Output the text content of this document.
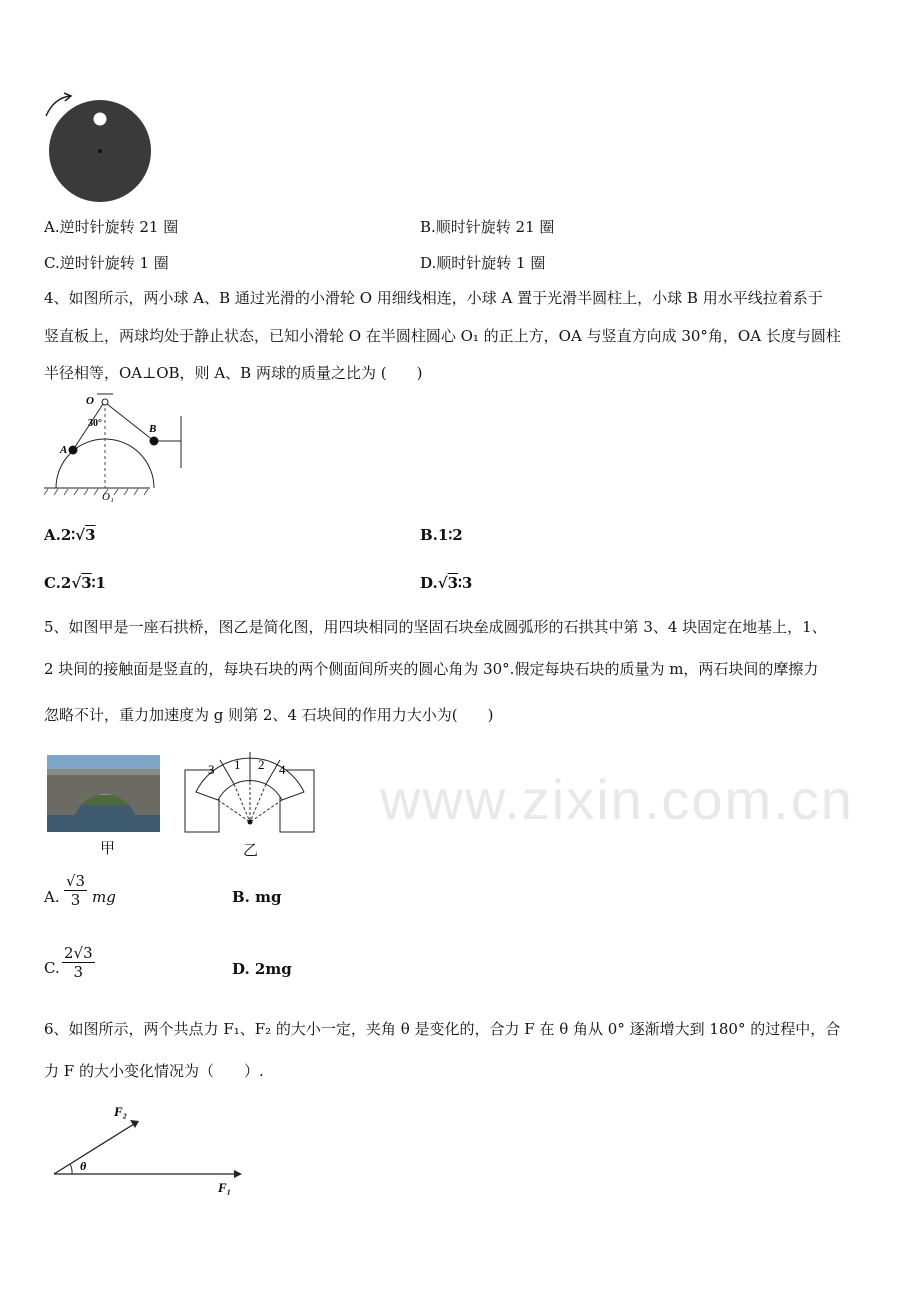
www.zixin.com.cn
A.逆时针旋转 21 圈	B.顺时针旋转 21 圈
C.逆时针旋转 1 圈	D.顺时针旋转 1 圈
4、如图所示，两小球 A、B 通过光滑的小滑轮 O 用细线相连，小球 A 置于光滑半圆柱上，小球 B 用水平线拉着系于
竖直板上，两球均处于静止状态，已知小滑轮 O 在半圆柱圆心 O₁ 的正上方，OA 与竖直方向成 30°角，OA 长度与圆柱
半径相等，OA⊥OB，则 A、B 两球的质量之比为 (　　)
O
30°
A
B
O₁
A.2∶√3	B.1∶2
C.2√3∶1	D.√3∶3
5、如图甲是一座石拱桥，图乙是简化图，用四块相同的坚固石块垒成圆弧形的石拱其中第 3、4 块固定在地基上，1、
2 块间的接触面是竖直的，每块石块的两个侧面间所夹的圆心角为 30°.假定每块石块的质量为 m，两石块间的摩擦力
忽略不计，重力加速度为 g 则第 2、4 石块间的作用力大小为(　　)
甲
3 1 2 4
乙
A. $\frac{√3}{3}$ mg	B. mg
C. $\frac{2√3}{3}$	D. 2mg
6、如图所示，两个共点力 F₁、F₂ 的大小一定，夹角 θ 是变化的，合力 F 在 θ 角从 0° 逐渐增大到 180° 的过程中，合
力 F 的大小变化情况为（　　）.
F₁
F₂
θ
